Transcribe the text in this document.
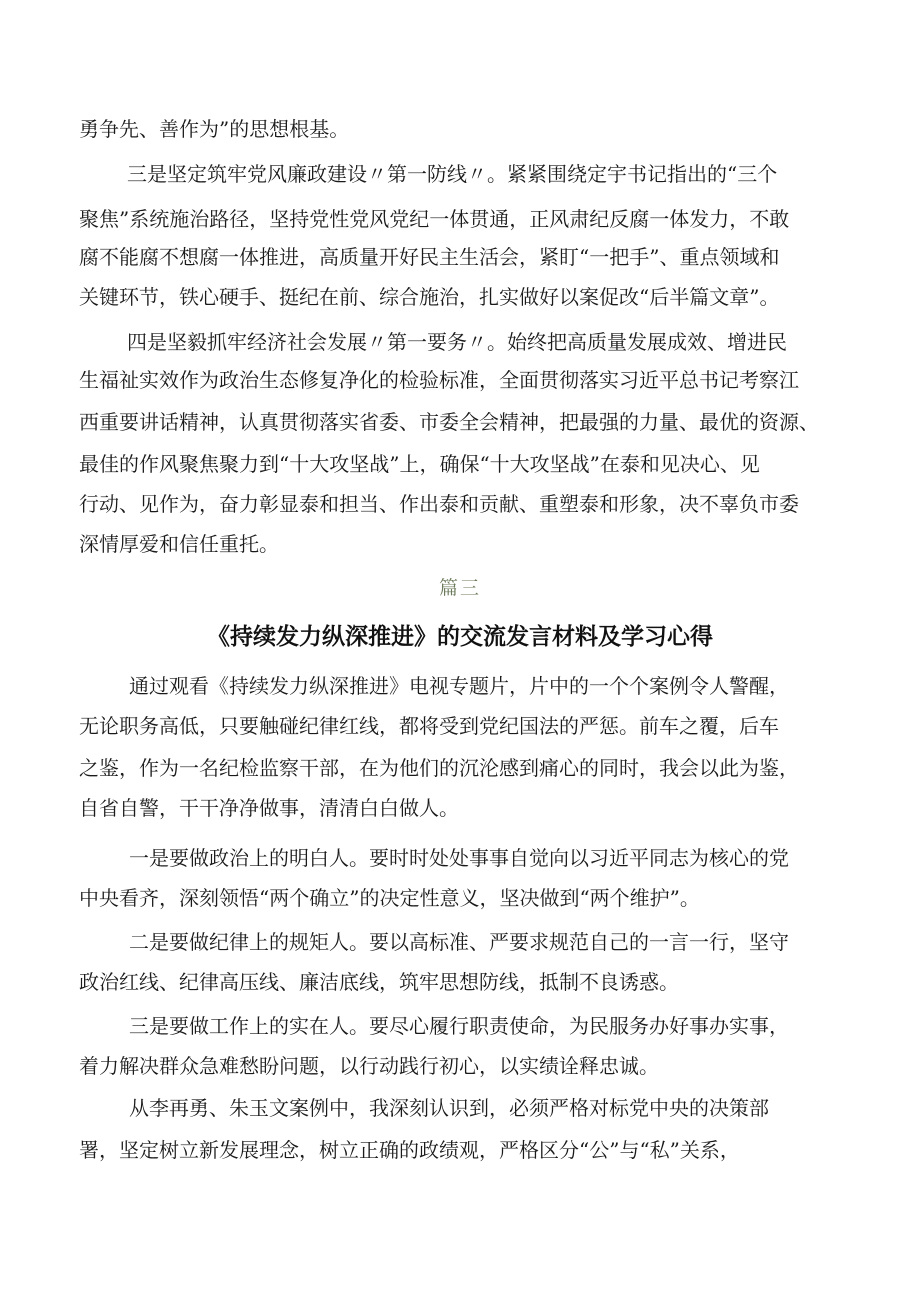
勇争先、善作为”的思想根基。
三是坚定筑牢党风廉政建设〃第一防线〃。紧紧围绕定宇书记指出的“三个
聚焦”系统施治路径，坚持党性党风党纪一体贯通，正风肃纪反腐一体发力，不敢
腐不能腐不想腐一体推进，高质量开好民主生活会，紧盯“一把手”、重点领域和
关键环节，铁心硬手、挺纪在前、综合施治，扎实做好以案促改“后半篇文章”。
四是坚毅抓牢经济社会发展〃第一要务〃。始终把高质量发展成效、增进民
生福祉实效作为政治生态修复净化的检验标准，全面贯彻落实习近平总书记考察江
西重要讲话精神，认真贯彻落实省委、市委全会精神，把最强的力量、最优的资源、
最佳的作风聚焦聚力到“十大攻坚战”上，确保“十大攻坚战”在泰和见决心、见
行动、见作为，奋力彰显泰和担当、作出泰和贡献、重塑泰和形象，决不辜负市委
深情厚爱和信任重托。
篇三
《持续发力纵深推进》的交流发言材料及学习心得
通过观看《持续发力纵深推进》电视专题片，片中的一个个案例令人警醒，
无论职务高低，只要触碰纪律红线，都将受到党纪国法的严惩。前车之覆，后车
之鉴，作为一名纪检监察干部，在为他们的沉沦感到痛心的同时，我会以此为鉴，
自省自警，干干净净做事，清清白白做人。
一是要做政治上的明白人。要时时处处事事自觉向以习近平同志为核心的党
中央看齐，深刻领悟“两个确立”的决定性意义，坚决做到“两个维护”。
二是要做纪律上的规矩人。要以高标准、严要求规范自己的一言一行，坚守
政治红线、纪律高压线、廉洁底线，筑牢思想防线，抵制不良诱惑。
三是要做工作上的实在人。要尽心履行职责使命，为民服务办好事办实事，
着力解决群众急难愁盼问题，以行动践行初心，以实绩诠释忠诚。
从李再勇、朱玉文案例中，我深刻认识到，必须严格对标党中央的决策部
署，坚定树立新发展理念，树立正确的政绩观，严格区分“公”与“私”关系，
